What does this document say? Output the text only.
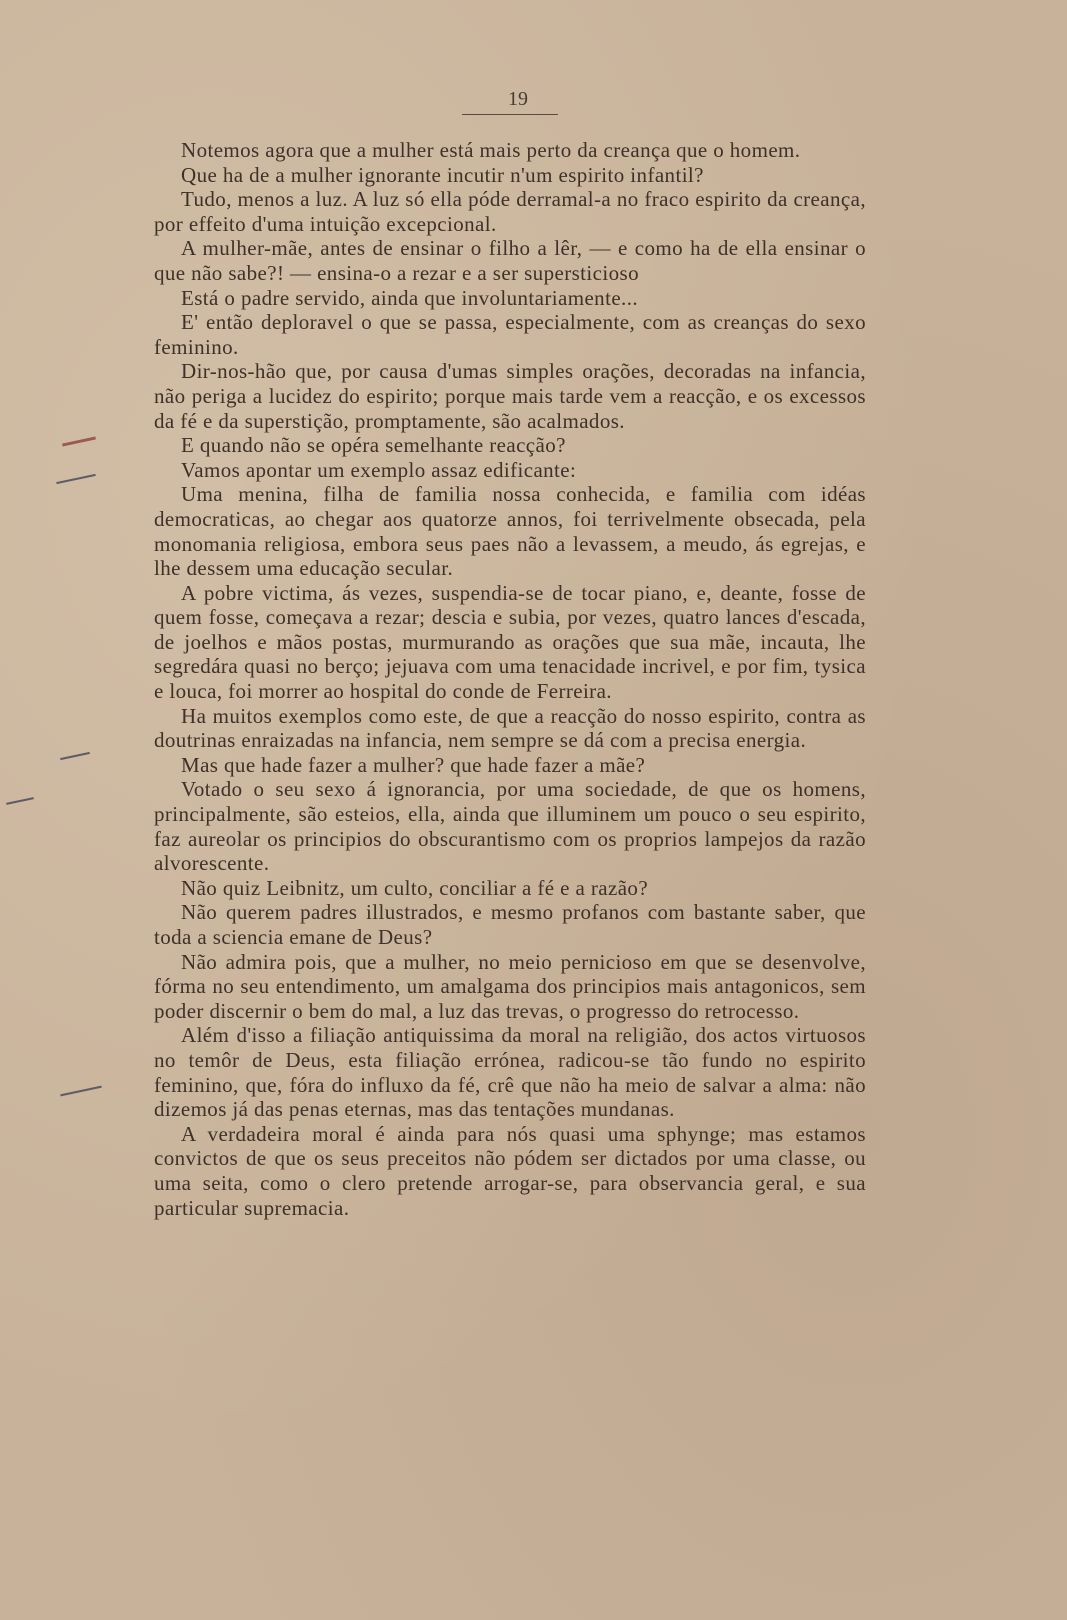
19

Notemos agora que a mulher está mais perto da creança que o homem.

Que ha de a mulher ignorante incutir n'um espirito infantil?

Tudo, menos a luz. A luz só ella póde derramal-a no fraco espirito da creança, por effeito d'uma intuição excepcional.

A mulher-mãe, antes de ensinar o filho a lêr, — e como ha de ella ensinar o que não sabe?! — ensina-o a rezar e a ser supersticioso

Está o padre servido, ainda que involuntariamente...

E' então deploravel o que se passa, especialmente, com as creanças do sexo feminino.

Dir-nos-hão que, por causa d'umas simples orações, decoradas na infancia, não periga a lucidez do espirito; porque mais tarde vem a reacção, e os excessos da fé e da superstição, promptamente, são acalmados.

E quando não se opéra semelhante reacção?

Vamos apontar um exemplo assaz edificante:

Uma menina, filha de familia nossa conhecida, e familia com idéas democraticas, ao chegar aos quatorze annos, foi terrivelmente obsecada, pela monomania religiosa, embora seus paes não a levassem, a meudo, ás egrejas, e lhe dessem uma educação secular.

A pobre victima, ás vezes, suspendia-se de tocar piano, e, deante, fosse de quem fosse, começava a rezar; descia e subia, por vezes, quatro lances d'escada, de joelhos e mãos postas, murmurando as orações que sua mãe, incauta, lhe segredára quasi no berço; jejuava com uma tenacidade incrivel, e por fim, tysica e louca, foi morrer ao hospital do conde de Ferreira.

Ha muitos exemplos como este, de que a reacção do nosso espirito, contra as doutrinas enraizadas na infancia, nem sempre se dá com a precisa energia.

Mas que hade fazer a mulher? que hade fazer a mãe?

Votado o seu sexo á ignorancia, por uma sociedade, de que os homens, principalmente, são esteios, ella, ainda que illuminem um pouco o seu espirito, faz aureolar os principios do obscurantismo com os proprios lampejos da razão alvorescente.

Não quiz Leibnitz, um culto, conciliar a fé e a razão?

Não querem padres illustrados, e mesmo profanos com bastante saber, que toda a sciencia emane de Deus?

Não admira pois, que a mulher, no meio pernicioso em que se desenvolve, fórma no seu entendimento, um amalgama dos principios mais antagonicos, sem poder discernir o bem do mal, a luz das trevas, o progresso do retrocesso.

Além d'isso a filiação antiquissima da moral na religião, dos actos virtuosos no temôr de Deus, esta filiação errónea, radicou-se tão fundo no espirito feminino, que, fóra do influxo da fé, crê que não ha meio de salvar a alma: não dizemos já das penas eternas, mas das tentações mundanas.

A verdadeira moral é ainda para nós quasi uma sphynge; mas estamos convictos de que os seus preceitos não pódem ser dictados por uma classe, ou uma seita, como o clero pretende arrogar-se, para observancia geral, e sua particular supremacia.
